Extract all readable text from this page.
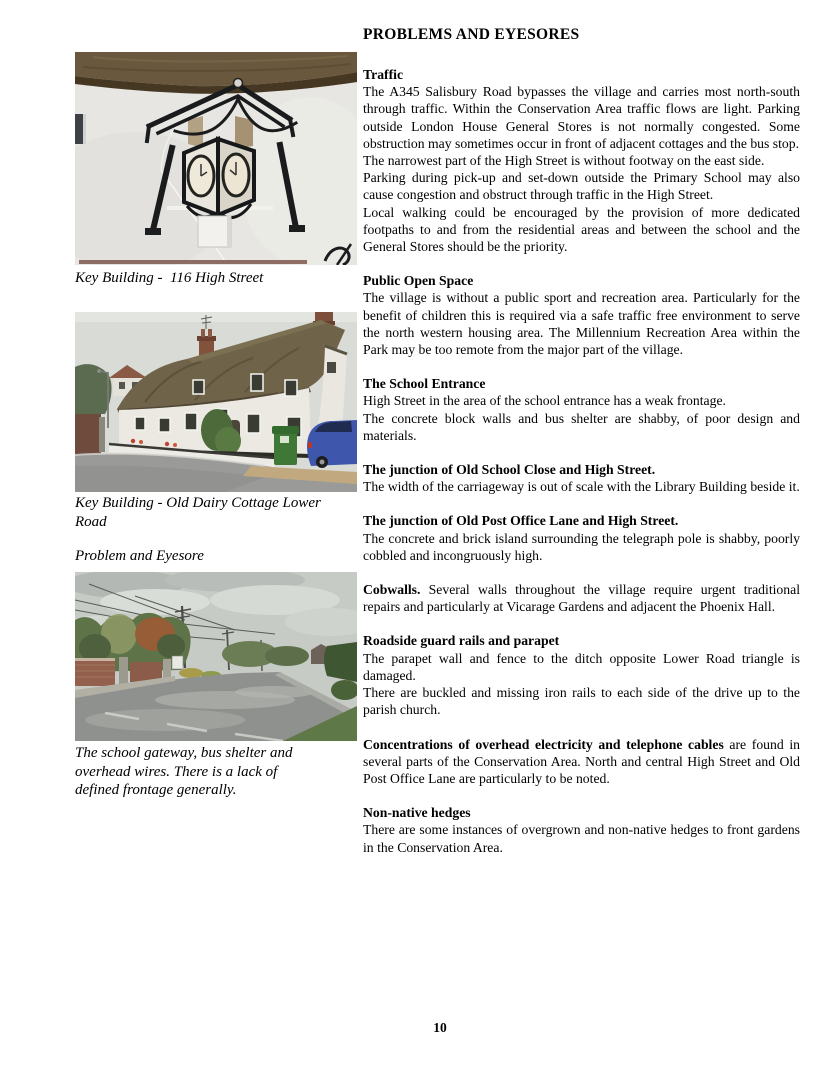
PROBLEMS AND EYESORES
Key Building -  116 High Street
Key Building - Old Dairy Cottage Lower Road
Problem and Eyesore
The school gateway, bus shelter and overhead wires. There is a lack of defined frontage generally.

Traffic

The A345 Salisbury Road bypasses the village and carries most north-south through traffic. Within the Conservation Area traffic flows are light. Parking outside London House General Stores is not normally congested. Some obstruction may sometimes occur in front of adjacent cottages and the bus stop.

The narrowest part of the High Street is without footway on the east side.

Parking during pick-up and set-down outside the Primary School may also cause congestion and obstruct through traffic in the High Street.

Local walking could be encouraged by the provision of more dedicated footpaths to and from the residential areas and between the school and the General Stores should be the priority.

Public Open Space

The village is without a public sport and recreation area. Particularly for the benefit of children this is required via a safe traffic free environment to serve the north western housing area. The Millennium Recreation Area within the Park may be too remote from the major part of the village.

The School Entrance

High Street in the area of the school entrance has a weak frontage.

The concrete block walls and bus shelter are shabby, of poor design and materials.

The junction of Old School Close and High Street.

The width of the carriageway is out of scale with the Library Building beside it.

The junction of Old Post Office Lane and High Street.

The concrete and brick island surrounding the telegraph pole is shabby, poorly cobbled and incongruously high.

Cobwalls. Several walls throughout the village require urgent traditional repairs and particularly at Vicarage Gardens and adjacent the Phoenix Hall.

Roadside guard rails and parapet

The parapet wall and fence to the ditch opposite Lower Road triangle is damaged.

There are buckled and missing iron rails to each side of the drive up to the parish church.

Concentrations of overhead electricity and telephone cables are found in several parts of the Conservation Area. North and central High Street and Old Post Office Lane are particularly to be noted.

Non-native hedges

There are some instances of overgrown and non-native hedges to front gardens in the Conservation Area.

10
